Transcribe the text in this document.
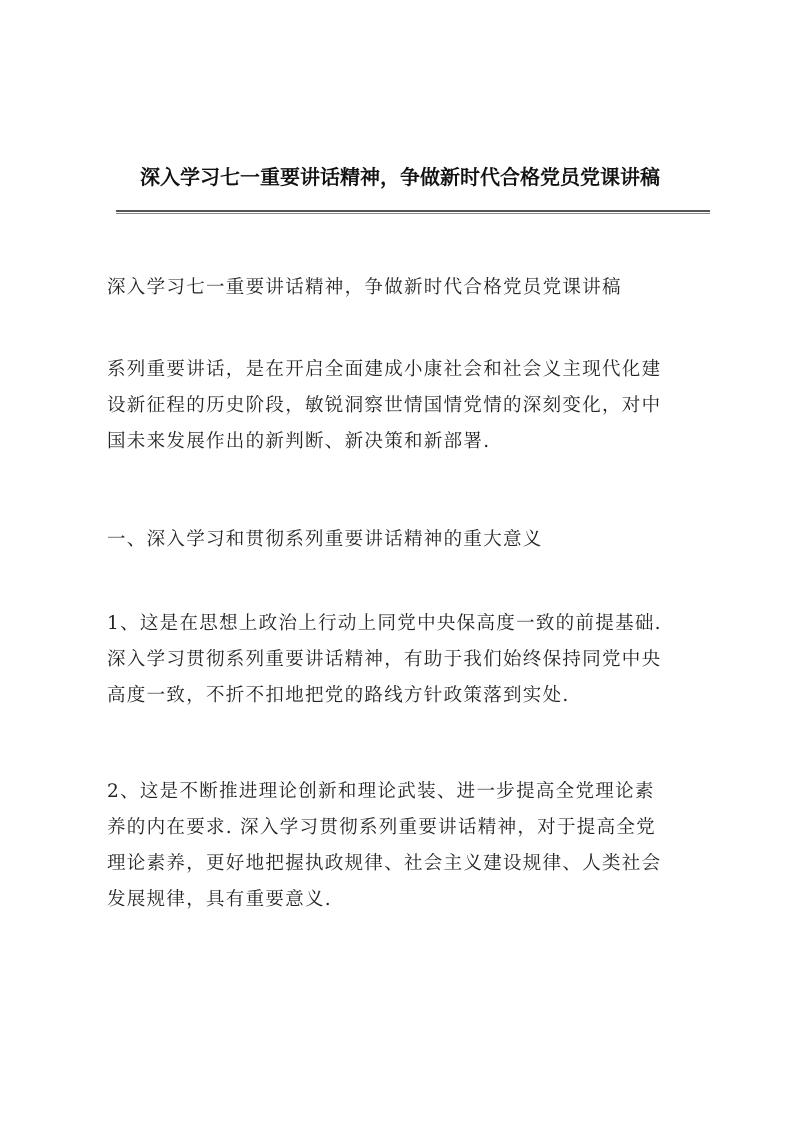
深入学习七一重要讲话精神，争做新时代合格党员党课讲稿

深入学习七一重要讲话精神，争做新时代合格党员党课讲稿

系列重要讲话，是在开启全面建成小康社会和社会义主现代化建
设新征程的历史阶段，敏锐洞察世情国情党情的深刻变化，对中
国未来发展作出的新判断、新决策和新部署.

一、深入学习和贯彻系列重要讲话精神的重大意义

1、这是在思想上政治上行动上同党中央保高度一致的前提基础.
深入学习贯彻系列重要讲话精神，有助于我们始终保持同党中央
高度一致，不折不扣地把党的路线方针政策落到实处.

2、这是不断推进理论创新和理论武装、进一步提高全党理论素
养的内在要求. 深入学习贯彻系列重要讲话精神，对于提高全党
理论素养，更好地把握执政规律、社会主义建设规律、人类社会
发展规律，具有重要意义.
